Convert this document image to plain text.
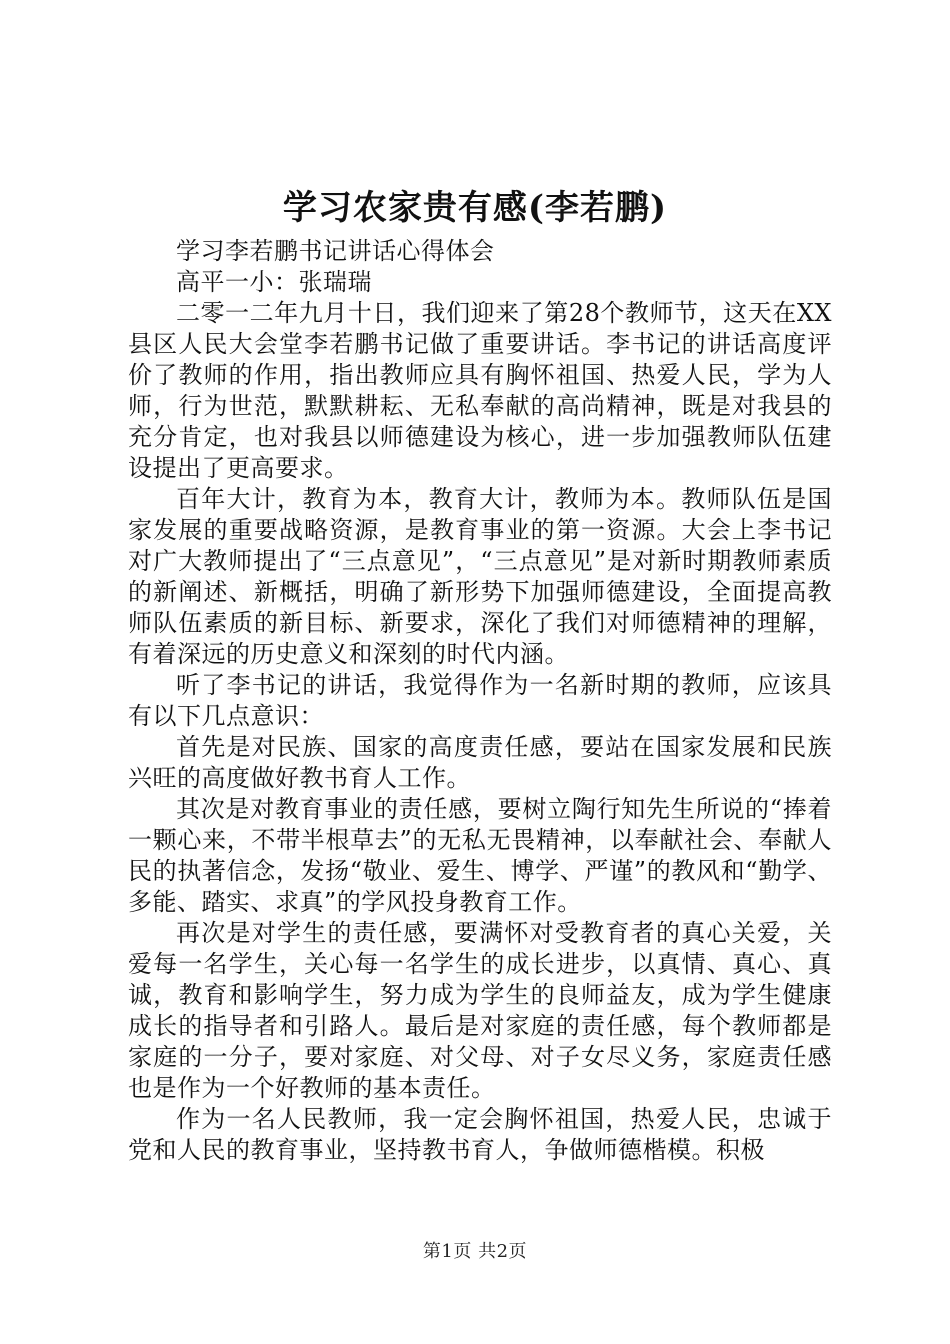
学习农家贵有感(李若鹏)

学习李若鹏书记讲话心得体会

高平一小：张瑞瑞

二零一二年九月十日，我们迎来了第28个教师节，这天在XX县区人民大会堂李若鹏书记做了重要讲话。李书记的讲话高度评价了教师的作用，指出教师应具有胸怀祖国、热爱人民，学为人师，行为世范，默默耕耘、无私奉献的高尚精神，既是对我县的充分肯定，也对我县以师德建设为核心，进一步加强教师队伍建设提出了更高要求。

百年大计，教育为本，教育大计，教师为本。教师队伍是国家发展的重要战略资源，是教育事业的第一资源。大会上李书记对广大教师提出了“三点意见”，“三点意见”是对新时期教师素质的新阐述、新概括，明确了新形势下加强师德建设，全面提高教师队伍素质的新目标、新要求，深化了我们对师德精神的理解，有着深远的历史意义和深刻的时代内涵。

听了李书记的讲话，我觉得作为一名新时期的教师，应该具有以下几点意识：

首先是对民族、国家的高度责任感，要站在国家发展和民族兴旺的高度做好教书育人工作。

其次是对教育事业的责任感，要树立陶行知先生所说的“捧着一颗心来，不带半根草去”的无私无畏精神，以奉献社会、奉献人民的执著信念，发扬“敬业、爱生、博学、严谨”的教风和“勤学、多能、踏实、求真”的学风投身教育工作。

再次是对学生的责任感，要满怀对受教育者的真心关爱，关爱每一名学生，关心每一名学生的成长进步，以真情、真心、真诚，教育和影响学生，努力成为学生的良师益友，成为学生健康成长的指导者和引路人。最后是对家庭的责任感，每个教师都是家庭的一分子，要对家庭、对父母、对子女尽义务，家庭责任感也是作为一个好教师的基本责任。

作为一名人民教师，我一定会胸怀祖国，热爱人民，忠诚于党和人民的教育事业，坚持教书育人，争做师德楷模。积极

第1页 共2页
